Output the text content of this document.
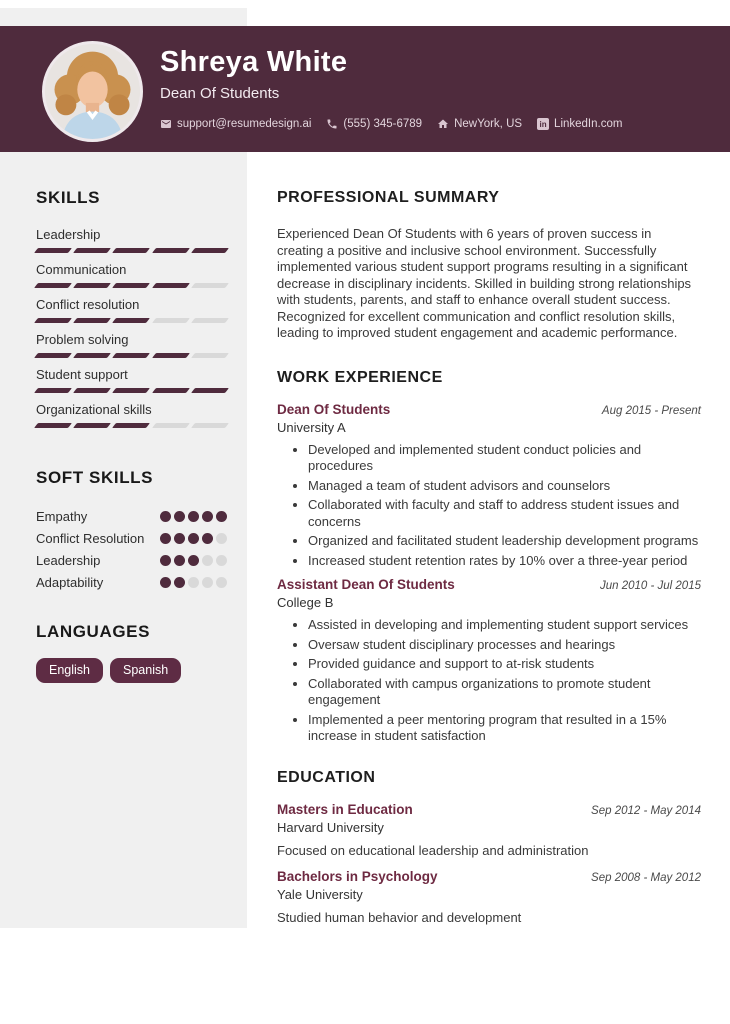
Shreya White
Dean Of Students
support@resumedesign.ai	(555) 345-6789	NewYork, US	in LinkedIn.com
SKILLS
Leadership
Communication
Conflict resolution
Problem solving
Student support
Organizational skills
SOFT SKILLS
Empathy
Conflict Resolution
Leadership
Adaptability
LANGUAGES
English	Spanish
PROFESSIONAL SUMMARY

Experienced Dean Of Students with 6 years of proven success in creating a positive and inclusive school environment. Successfully implemented various student support programs resulting in a significant decrease in disciplinary incidents. Skilled in building strong relationships with students, parents, and staff to enhance overall student success. Recognized for excellent communication and conflict resolution skills, leading to improved student engagement and academic performance.

WORK EXPERIENCE
Dean Of Students	Aug 2015 - Present
University A
• Developed and implemented student conduct policies and procedures
• Managed a team of student advisors and counselors
• Collaborated with faculty and staff to address student issues and concerns
• Organized and facilitated student leadership development programs
• Increased student retention rates by 10% over a three-year period
Assistant Dean Of Students	Jun 2010 - Jul 2015
College B
• Assisted in developing and implementing student support services
• Oversaw student disciplinary processes and hearings
• Provided guidance and support to at-risk students
• Collaborated with campus organizations to promote student engagement
• Implemented a peer mentoring program that resulted in a 15% increase in student satisfaction
EDUCATION
Masters in Education	Sep 2012 - May 2014
Harvard University
Focused on educational leadership and administration
Bachelors in Psychology	Sep 2008 - May 2012
Yale University
Studied human behavior and development
